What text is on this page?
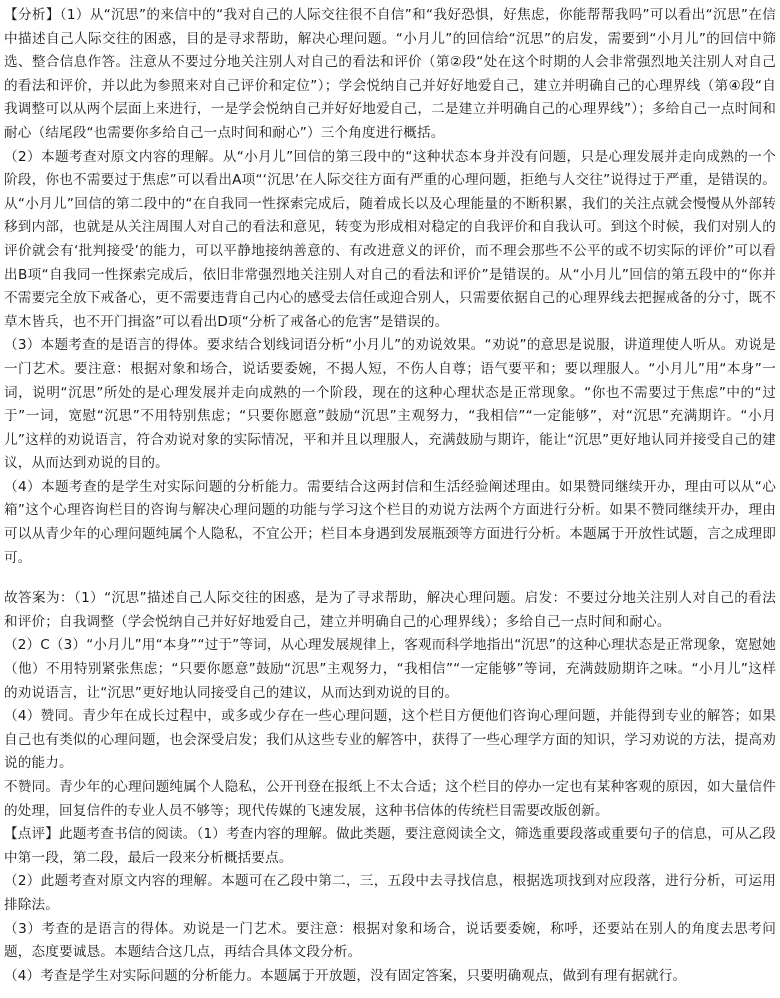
【分析】（1）从“沉思”的来信中的“我对自己的人际交往很不自信”和“我好恐惧，好焦虑，你能帮帮我吗”可以看出“沉思”在信中描述自己人际交往的困惑，目的是寻求帮助，解决心理问题。“小月儿”的回信给“沉思”的启发，需要到“小月儿”的回信中筛选、整合信息作答。注意从不要过分地关注别人对自己的看法和评价（第②段“处在这个时期的人会非常强烈地关注别人对自己的看法和评价，并以此为参照来对自己评价和定位”）；学会悦纳自己并好好地爱自己，建立并明确自己的心理界线（第④段“自我调整可以从两个层面上来进行，一是学会悦纳自己并好好地爱自己，二是建立并明确自己的心理界线”）；多给自己一点时间和耐心（结尾段“也需要你多给自己一点时间和耐心”）三个角度进行概括。

（2）本题考查对原文内容的理解。从“小月儿”回信的第三段中的“这种状态本身并没有问题，只是心理发展并走向成熟的一个阶段，你也不需要过于焦虑”可以看出A项“‘沉思’在人际交往方面有严重的心理问题，拒绝与人交往”说得过于严重，是错误的。从“小月儿”回信的第二段中的“在自我同一性探索完成后，随着成长以及心理能量的不断积累，我们的关注点就会慢慢从外部转移到内部，也就是从关注周围人对自己的看法和意见，转变为形成相对稳定的自我评价和自我认可。到这个时候，我们对别人的评价就会有‘批判接受’的能力，可以平静地接纳善意的、有改进意义的评价，而不理会那些不公平的或不切实际的评价”可以看出B项“自我同一性探索完成后，依旧非常强烈地关注别人对自己的看法和评价”是错误的。从“小月儿”回信的第五段中的“你并不需要完全放下戒备心，更不需要违背自己内心的感受去信任或迎合别人，只需要依据自己的心理界线去把握戒备的分寸，既不草木皆兵，也不开门揖盗”可以看出D项“分析了戒备心的危害”是错误的。

（3）本题考查的是语言的得体。要求结合划线词语分析“小月儿”的劝说效果。“劝说”的意思是说服，讲道理使人听从。劝说是一门艺术。要注意：根据对象和场合，说话要委婉，不揭人短，不伤人自尊；语气要平和；要以理服人。“小月儿”用“本身”一词，说明“沉思”所处的是心理发展并走向成熟的一个阶段，现在的这种心理状态是正常现象。“你也不需要过于焦虑”中的“过于”一词，宽慰“沉思”不用特别焦虑；“只要你愿意”鼓励“沉思”主观努力，“我相信”“一定能够”，对“沉思”充满期许。“小月儿”这样的劝说语言，符合劝说对象的实际情况，平和并且以理服人，充满鼓励与期许，能让“沉思”更好地认同并接受自己的建议，从而达到劝说的目的。

（4）本题考查的是学生对实际问题的分析能力。需要结合这两封信和生活经验阐述理由。如果赞同继续开办，理由可以从“心箱”这个心理咨询栏目的咨询与解决心理问题的功能与学习这个栏目的劝说方法两个方面进行分析。如果不赞同继续开办，理由可以从青少年的心理问题纯属个人隐私，不宜公开；栏目本身遇到发展瓶颈等方面进行分析。本题属于开放性试题，言之成理即可。

故答案为：（1）“沉思”描述自己人际交往的困惑，是为了寻求帮助，解决心理问题。启发：不要过分地关注别人对自己的看法和评价；自我调整（学会悦纳自己并好好地爱自己，建立并明确自己的心理界线）；多给自己一点时间和耐心。

（2）C（3）“小月儿”用“本身”“过于”等词，从心理发展规律上，客观而科学地指出“沉思”的这种心理状态是正常现象，宽慰她（他）不用特别紧张焦虑；“只要你愿意”鼓励“沉思”主观努力，“我相信”“一定能够”等词，充满鼓励期许之味。“小月儿”这样的劝说语言，让“沉思”更好地认同接受自己的建议，从而达到劝说的目的。

（4）赞同。青少年在成长过程中，或多或少存在一些心理问题，这个栏目方便他们咨询心理问题，并能得到专业的解答；如果自己也有类似的心理问题，也会深受启发；我们从这些专业的解答中，获得了一些心理学方面的知识，学习劝说的方法，提高劝说的能力。

不赞同。青少年的心理问题纯属个人隐私，公开刊登在报纸上不太合适；这个栏目的停办一定也有某种客观的原因，如大量信件的处理，回复信件的专业人员不够等；现代传媒的飞速发展，这种书信体的传统栏目需要改版创新。

【点评】此题考查书信的阅读。（1）考查内容的理解。做此类题，要注意阅读全文，筛选重要段落或重要句子的信息，可从乙段中第一段，第二段，最后一段来分析概括要点。

（2）此题考查对原文内容的理解。本题可在乙段中第二，三，五段中去寻找信息，根据选项找到对应段落，进行分析，可运用排除法。

（3）考查的是语言的得体。劝说是一门艺术。要注意：根据对象和场合，说话要委婉，称呼，还要站在别人的角度去思考问题，态度要诚恳。本题结合这几点，再结合具体文段分析。

（4）考查是学生对实际问题的分析能力。本题属于开放题，没有固定答案，只要明确观点，做到有理有据就行。
